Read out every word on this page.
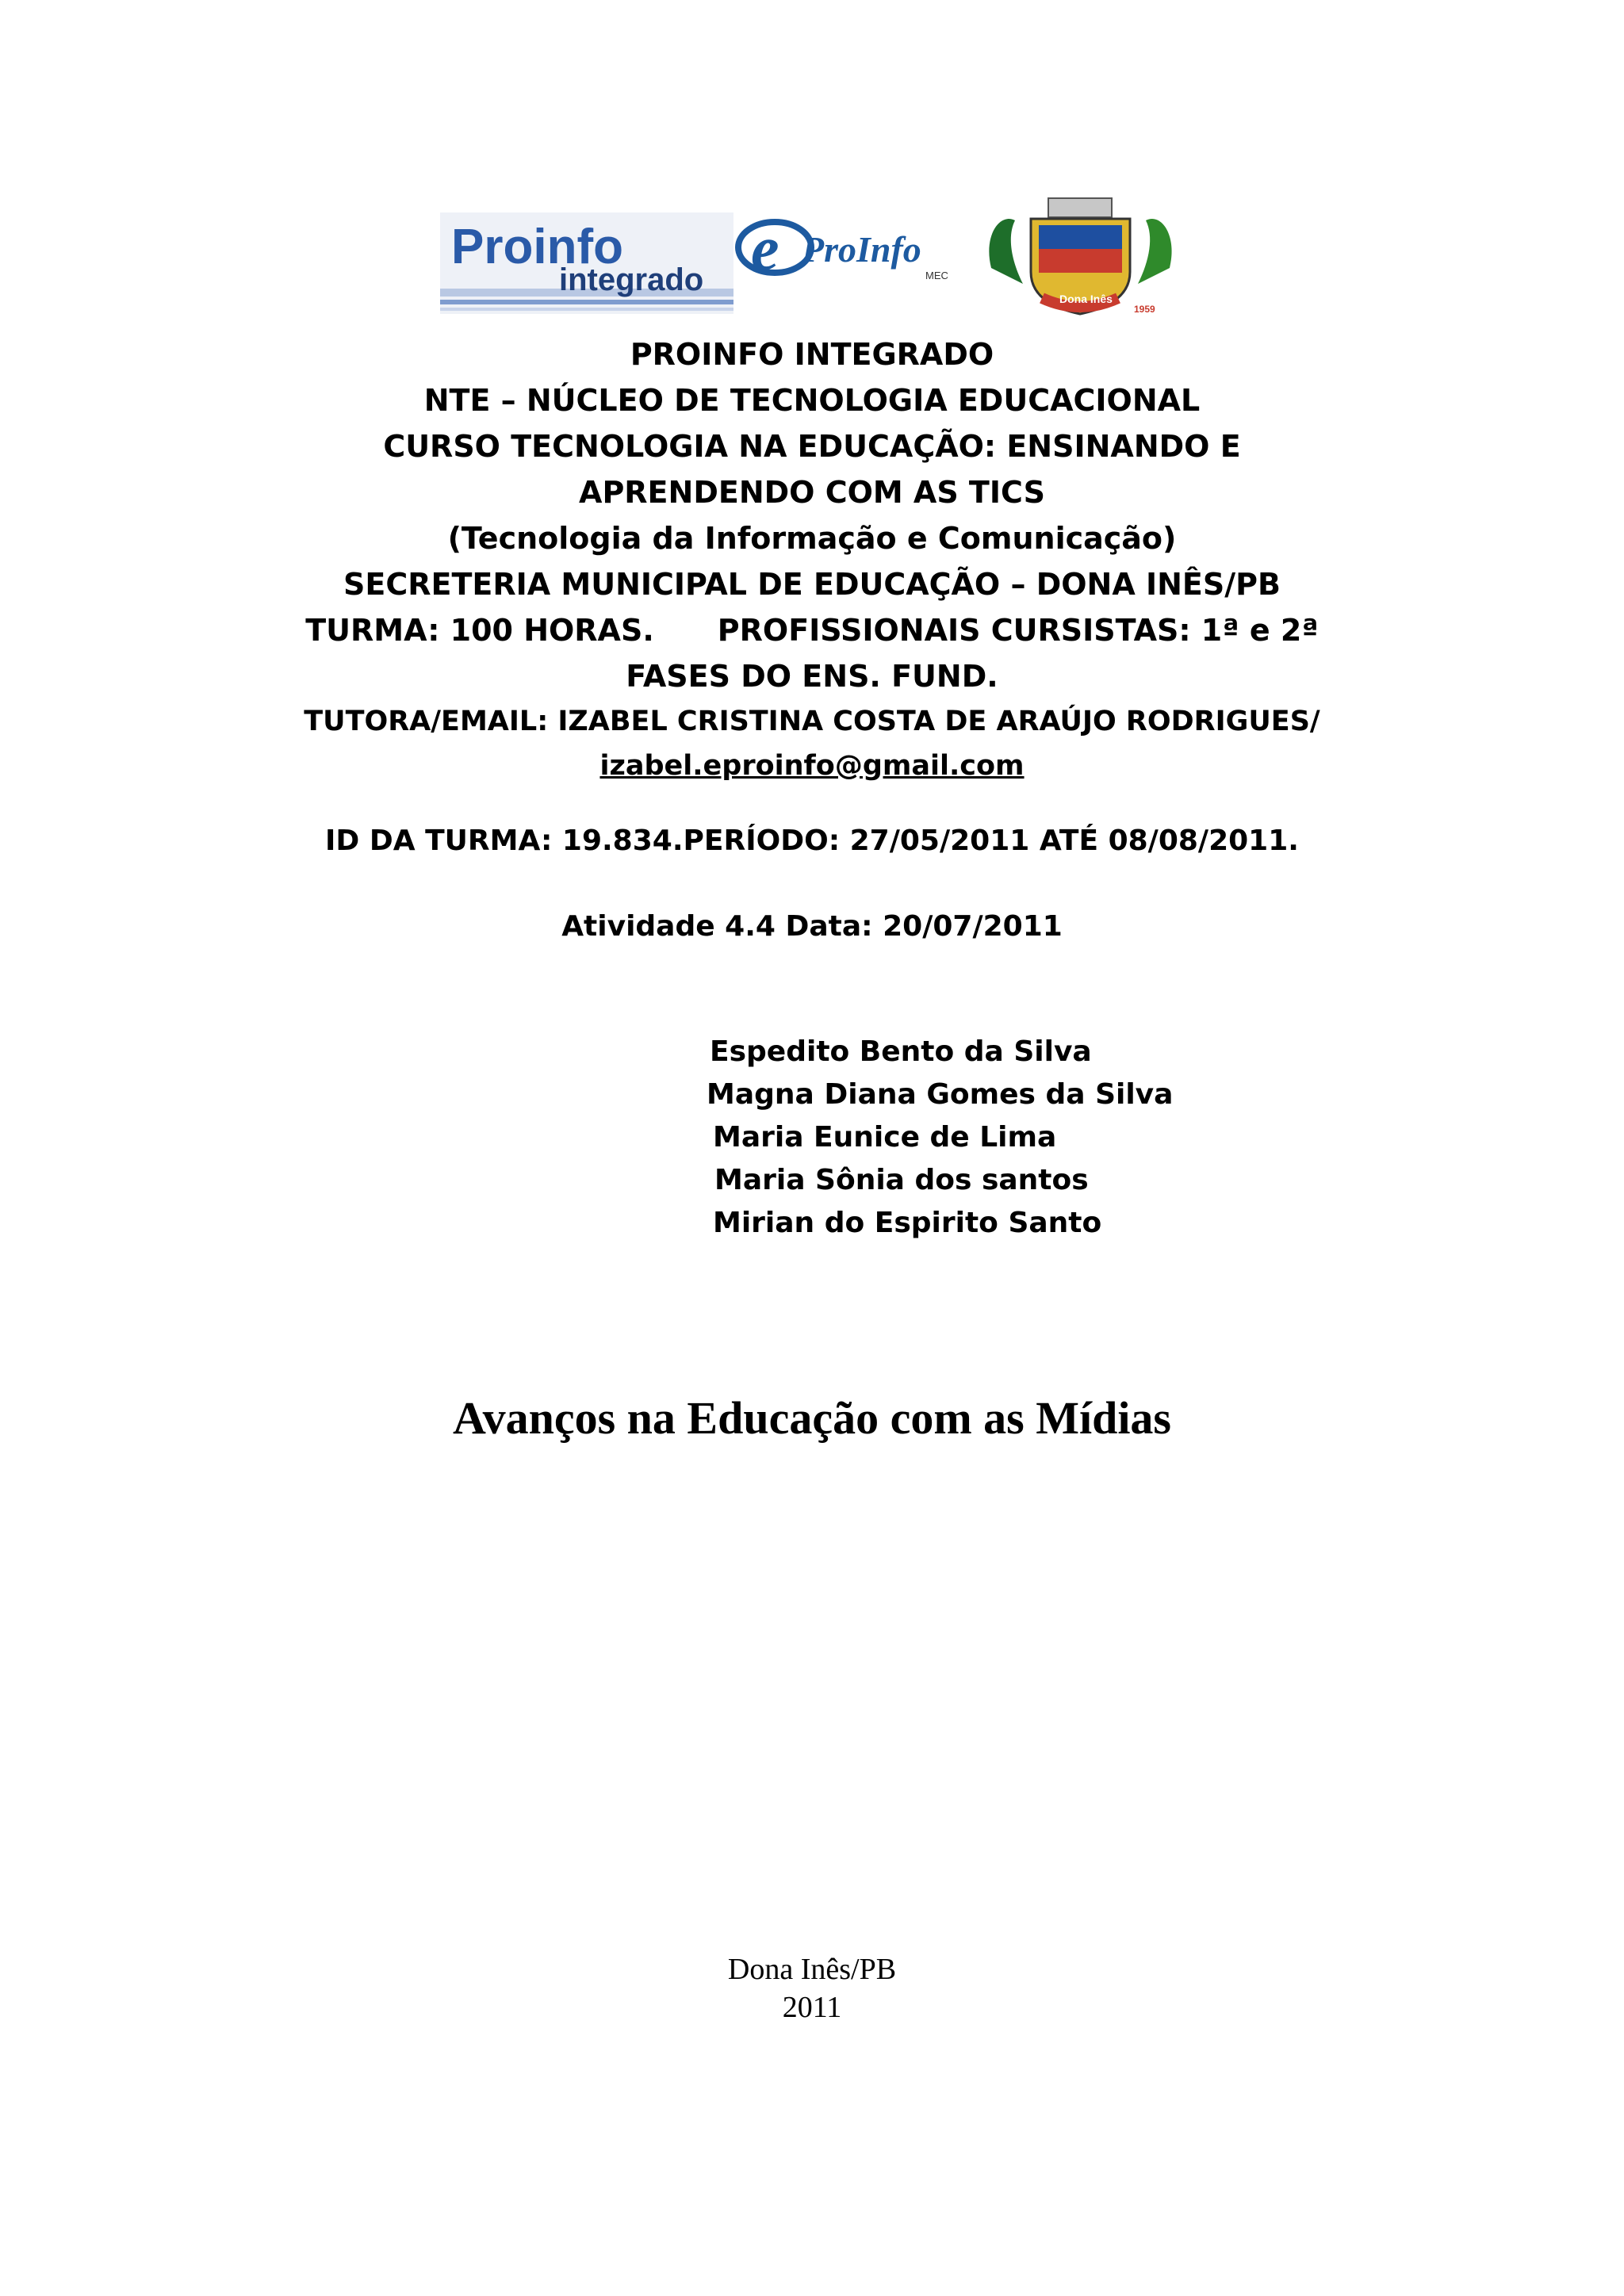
Proinfo
integrado e ProInfo
MEC
Dona Inês
1959
PROINFO INTEGRADO
NTE – NÚCLEO DE TECNOLOGIA EDUCACIONAL
CURSO TECNOLOGIA NA EDUCAÇÃO: ENSINANDO E
APRENDENDO COM AS TICS
(Tecnologia da Informação e Comunicação)
SECRETERIA MUNICIPAL DE EDUCAÇÃO – DONA INÊS/PB
TURMA: 100 HORAS. PROFISSIONAIS CURSISTAS: 1ª e 2ª
FASES DO ENS. FUND.
TUTORA/EMAIL: IZABEL CRISTINA COSTA DE ARAÚJO RODRIGUES/
izabel.eproinfo@gmail.com
ID DA TURMA: 19.834.PERÍODO: 27/05/2011 ATÉ 08/08/2011.
Atividade 4.4 Data: 20/07/2011
Espedito Bento da Silva
Magna Diana Gomes da Silva
Maria Eunice de Lima
Maria Sônia dos santos
Mirian do Espirito Santo
Avanços na Educação com as Mídias
Dona Inês/PB
2011
